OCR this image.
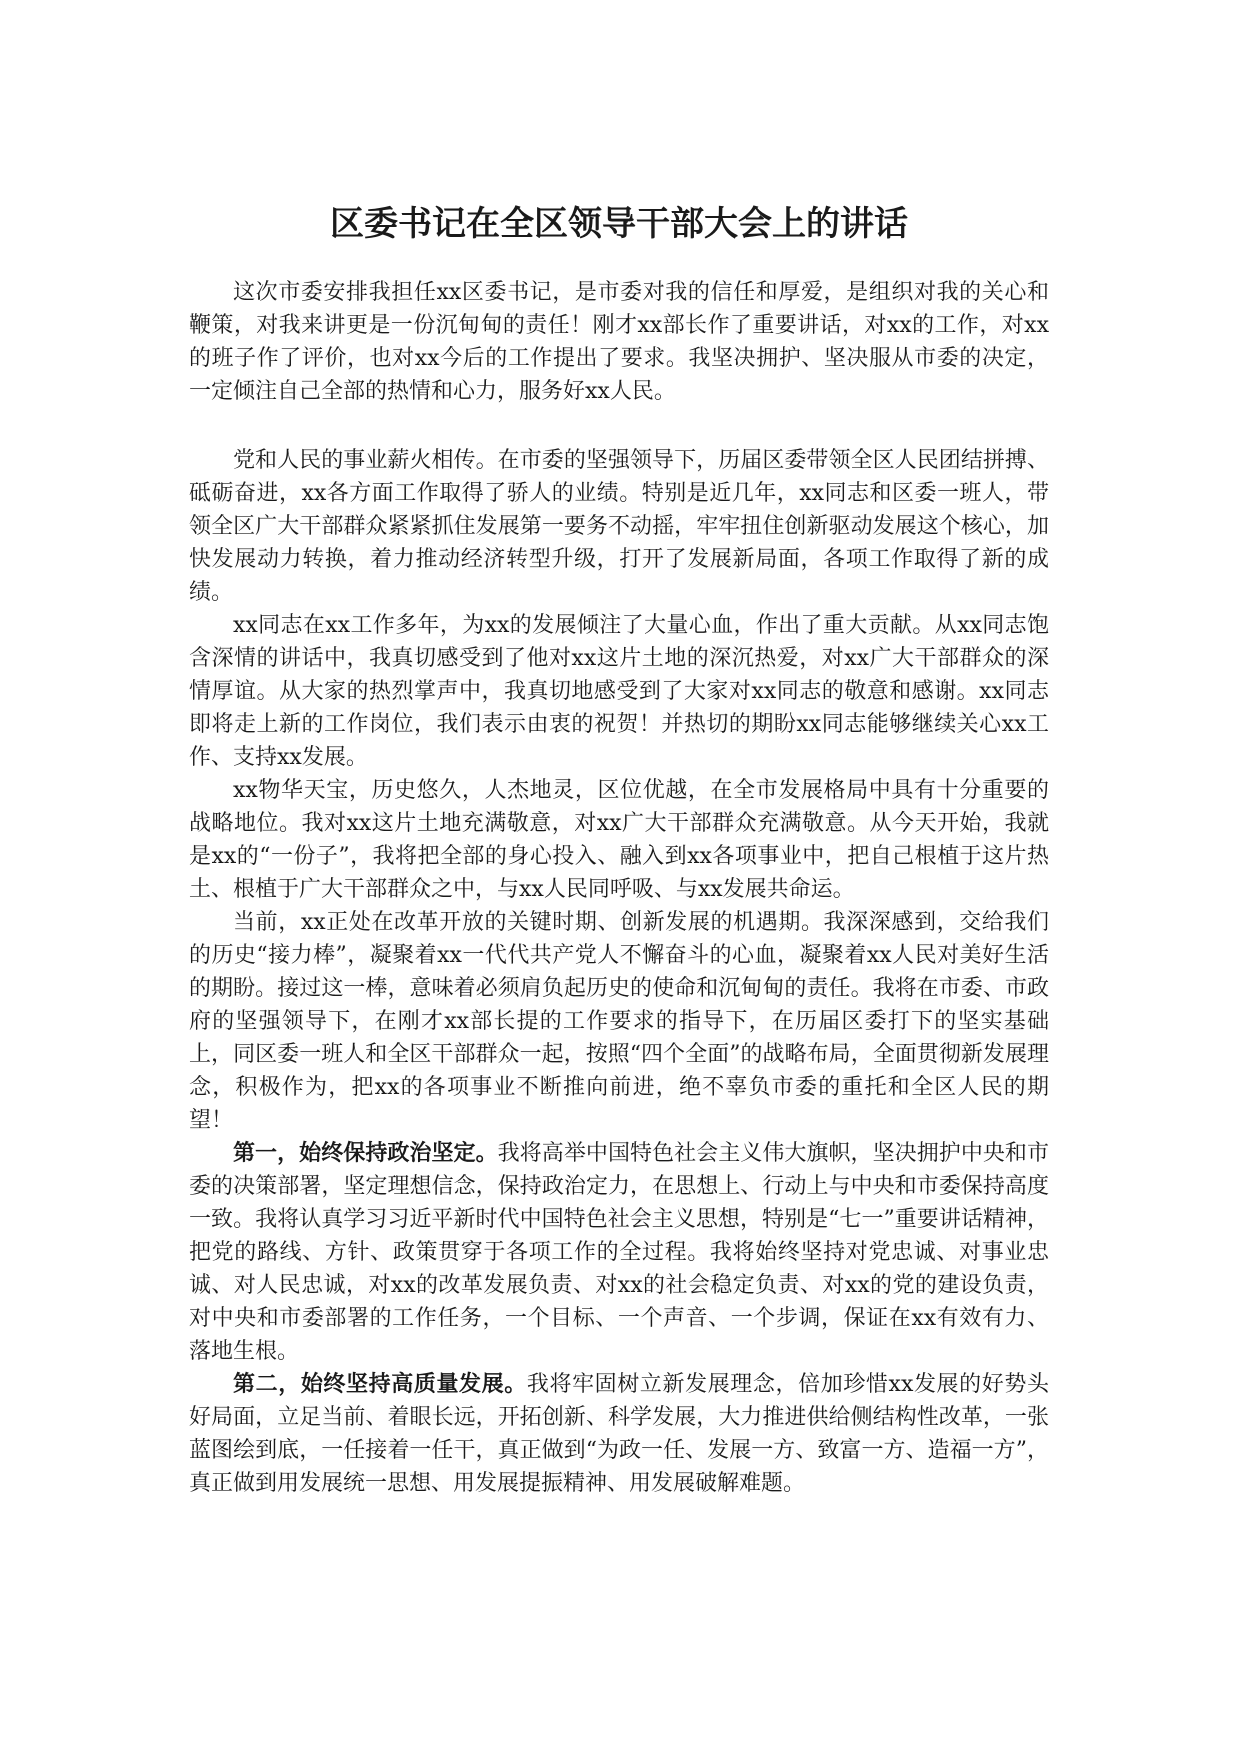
区委书记在全区领导干部大会上的讲话

这次市委安排我担任xx区委书记，是市委对我的信任和厚爱，是组织对我的关心和鞭策，对我来讲更是一份沉甸甸的责任！刚才xx部长作了重要讲话，对xx的工作，对xx的班子作了评价，也对xx今后的工作提出了要求。我坚决拥护、坚决服从市委的决定，一定倾注自己全部的热情和心力，服务好xx人民。

党和人民的事业薪火相传。在市委的坚强领导下，历届区委带领全区人民团结拼搏、砥砺奋进，xx各方面工作取得了骄人的业绩。特别是近几年，xx同志和区委一班人，带领全区广大干部群众紧紧抓住发展第一要务不动摇，牢牢扭住创新驱动发展这个核心，加快发展动力转换，着力推动经济转型升级，打开了发展新局面，各项工作取得了新的成绩。

xx同志在xx工作多年，为xx的发展倾注了大量心血，作出了重大贡献。从xx同志饱含深情的讲话中，我真切感受到了他对xx这片土地的深沉热爱，对xx广大干部群众的深情厚谊。从大家的热烈掌声中，我真切地感受到了大家对xx同志的敬意和感谢。xx同志即将走上新的工作岗位，我们表示由衷的祝贺！并热切的期盼xx同志能够继续关心xx工作、支持xx发展。

xx物华天宝，历史悠久，人杰地灵，区位优越，在全市发展格局中具有十分重要的战略地位。我对xx这片土地充满敬意，对xx广大干部群众充满敬意。从今天开始，我就是xx的“一份子”，我将把全部的身心投入、融入到xx各项事业中，把自己根植于这片热土、根植于广大干部群众之中，与xx人民同呼吸、与xx发展共命运。

当前，xx正处在改革开放的关键时期、创新发展的机遇期。我深深感到，交给我们的历史“接力棒”，凝聚着xx一代代共产党人不懈奋斗的心血，凝聚着xx人民对美好生活的期盼。接过这一棒，意味着必须肩负起历史的使命和沉甸甸的责任。我将在市委、市政府的坚强领导下，在刚才xx部长提的工作要求的指导下，在历届区委打下的坚实基础上，同区委一班人和全区干部群众一起，按照“四个全面”的战略布局，全面贯彻新发展理念，积极作为，把xx的各项事业不断推向前进，绝不辜负市委的重托和全区人民的期望！

第一，始终保持政治坚定。我将高举中国特色社会主义伟大旗帜，坚决拥护中央和市委的决策部署，坚定理想信念，保持政治定力，在思想上、行动上与中央和市委保持高度一致。我将认真学习习近平新时代中国特色社会主义思想，特别是“七一”重要讲话精神，把党的路线、方针、政策贯穿于各项工作的全过程。我将始终坚持对党忠诚、对事业忠诚、对人民忠诚，对xx的改革发展负责、对xx的社会稳定负责、对xx的党的建设负责，对中央和市委部署的工作任务，一个目标、一个声音、一个步调，保证在xx有效有力、落地生根。

第二，始终坚持高质量发展。我将牢固树立新发展理念，倍加珍惜xx发展的好势头好局面，立足当前、着眼长远，开拓创新、科学发展，大力推进供给侧结构性改革，一张蓝图绘到底，一任接着一任干，真正做到“为政一任、发展一方、致富一方、造福一方”，真正做到用发展统一思想、用发展提振精神、用发展破解难题。
